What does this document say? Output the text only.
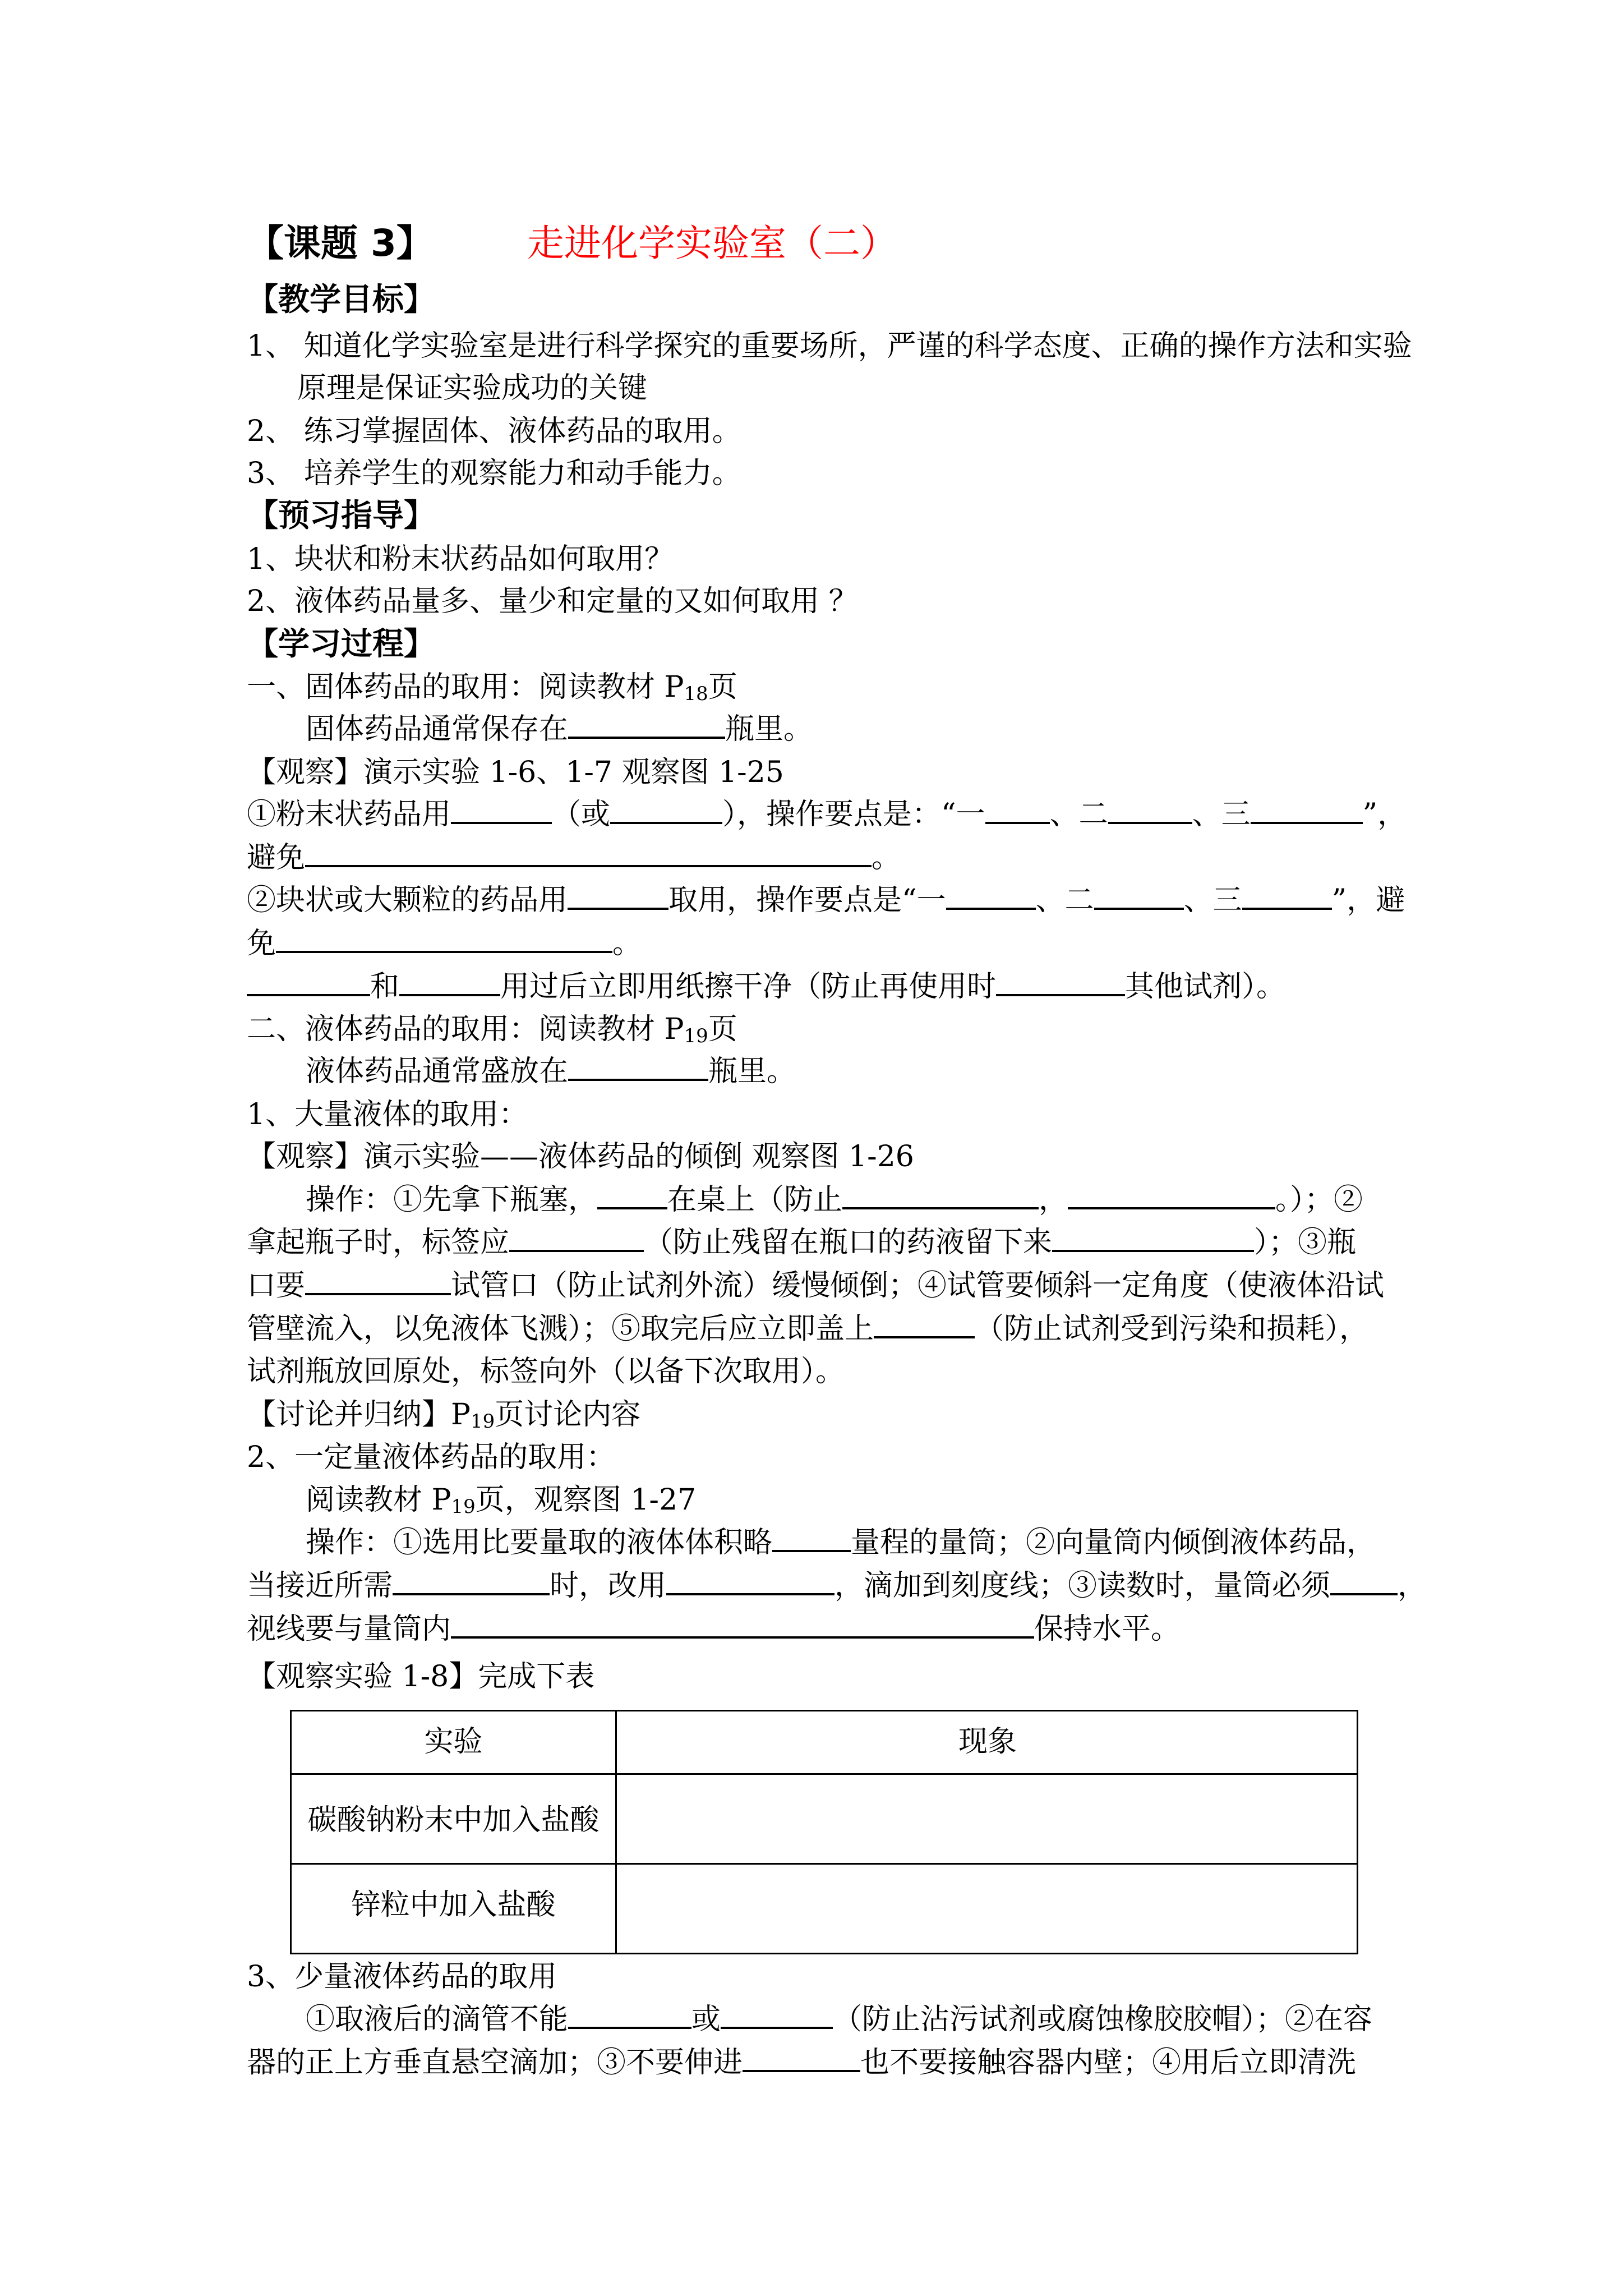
【课题 3】	走进化学实验室（二）
【教学目标】
1、 知道化学实验室是进行科学探究的重要场所，严谨的科学态度、正确的操作方法和实验
原理是保证实验成功的关键
2、 练习掌握固体、液体药品的取用。
3、 培养学生的观察能力和动手能力。
【预习指导】
1、块状和粉末状药品如何取用？
2、液体药品量多、量少和定量的又如何取用 ？
【学习过程】
一、固体药品的取用：阅读教材 $P_{18}$页
固体药品通常保存在	瓶里。
【观察】演示实验 1-6、1-7 观察图 1-25
①粉末状药品用	（或	），操作要点是：“一 、二	、三	”，
避免	。
②块状或大颗粒的药品用	取用，操作要点是“一	、二	、三	”，避
免	。
和	用过后立即用纸擦干净（防止再使用时	其他试剂）。
二、液体药品的取用：阅读教材 $P_{19}$页
液体药品通常盛放在	瓶里。
1、大量液体的取用：
【观察】演示实验——液体药品的倾倒 观察图 1-26
操作：①先拿下瓶塞， 在桌上（防止	，	。）；②
拿起瓶子时，标签应	（防止残留在瓶口的药液留下来	）；③瓶
口要	试管口（防止试剂外流）缓慢倾倒；④试管要倾斜一定角度（使液体沿试
管壁流入，以免液体飞溅）；⑤取完后应立即盖上	（防止试剂受到污染和损耗），
试剂瓶放回原处，标签向外（以备下次取用）。
【讨论并归纳】$P_{19}$页讨论内容
2、一定量液体药品的取用：
阅读教材 $P_{19}$页，观察图 1-27
操作：①选用比要量取的液体体积略	量程的量筒；②向量筒内倾倒液体药品，
当接近所需	时，改用	，滴加到刻度线；③读数时，量筒必须 ，
视线要与量筒内	保持水平。
【观察实验 1-8】完成下表
实验	现象
碳酸钠粉末中加入盐酸
锌粒中加入盐酸
3、少量液体药品的取用
①取液后的滴管不能	或	（防止沾污试剂或腐蚀橡胶胶帽）；②在容
器的正上方垂直悬空滴加；③不要伸进	也不要接触容器内壁；④用后立即清洗
